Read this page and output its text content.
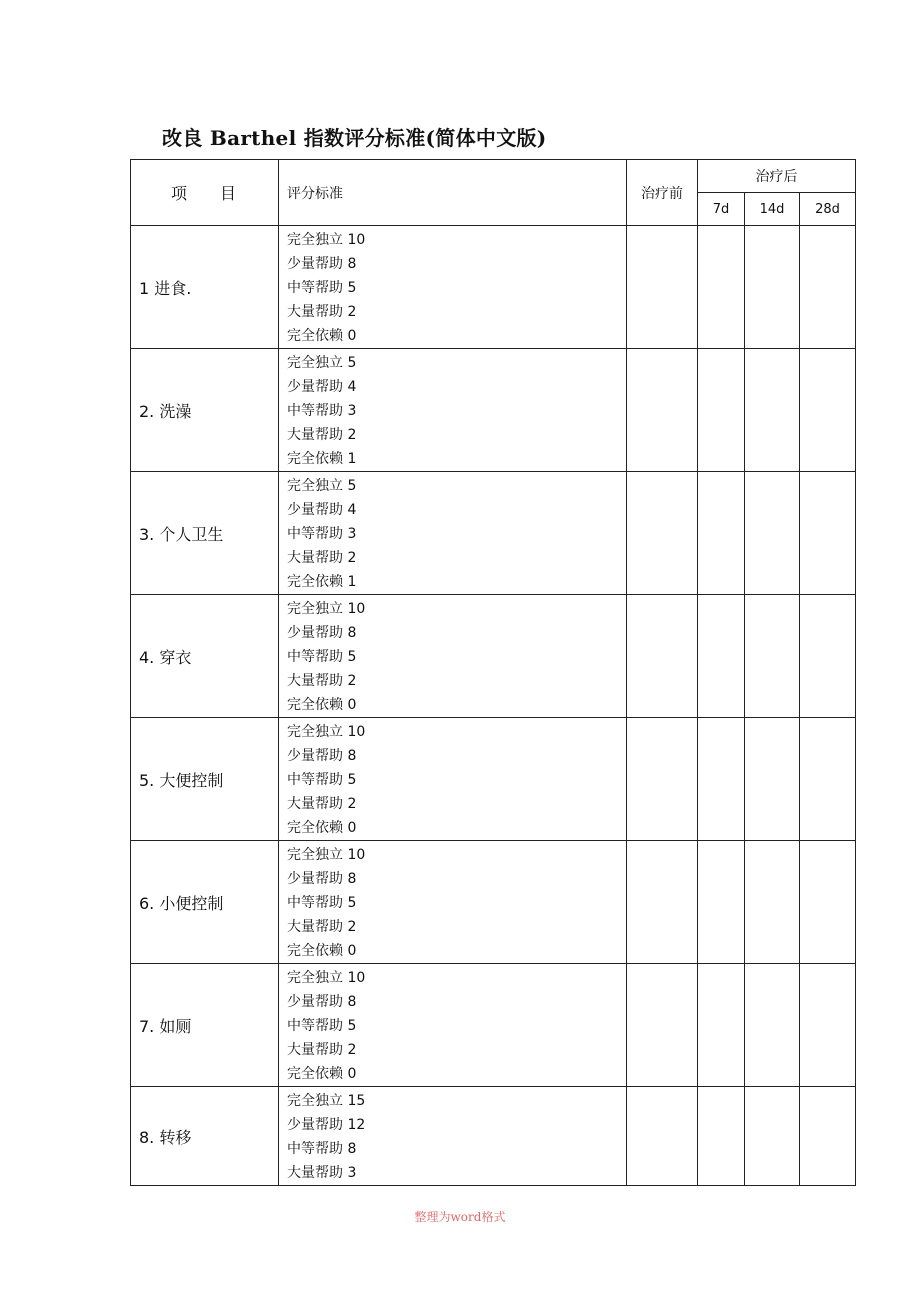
改良 Barthel 指数评分标准(简体中文版)
项 目	评分标准	治疗前	治疗后		
			7d	14d	28d
1 进食.	完全独立 10
少量帮助 8
中等帮助 5
大量帮助 2
完全依赖 0				

2. 洗澡	完全独立 5
少量帮助 4
中等帮助 3
大量帮助 2
完全依赖 1				

3. 个人卫生	完全独立 5
少量帮助 4
中等帮助 3
大量帮助 2
完全依赖 1				

4. 穿衣	完全独立 10
少量帮助 8
中等帮助 5
大量帮助 2
完全依赖 0				

5. 大便控制	完全独立 10
少量帮助 8
中等帮助 5
大量帮助 2
完全依赖 0				

6. 小便控制	完全独立 10
少量帮助 8
中等帮助 5
大量帮助 2
完全依赖 0				

7. 如厕	完全独立 10
少量帮助 8
中等帮助 5
大量帮助 2
完全依赖 0				

8. 转移	完全独立 15
少量帮助 12
中等帮助 8
大量帮助 3				

整理为word格式
